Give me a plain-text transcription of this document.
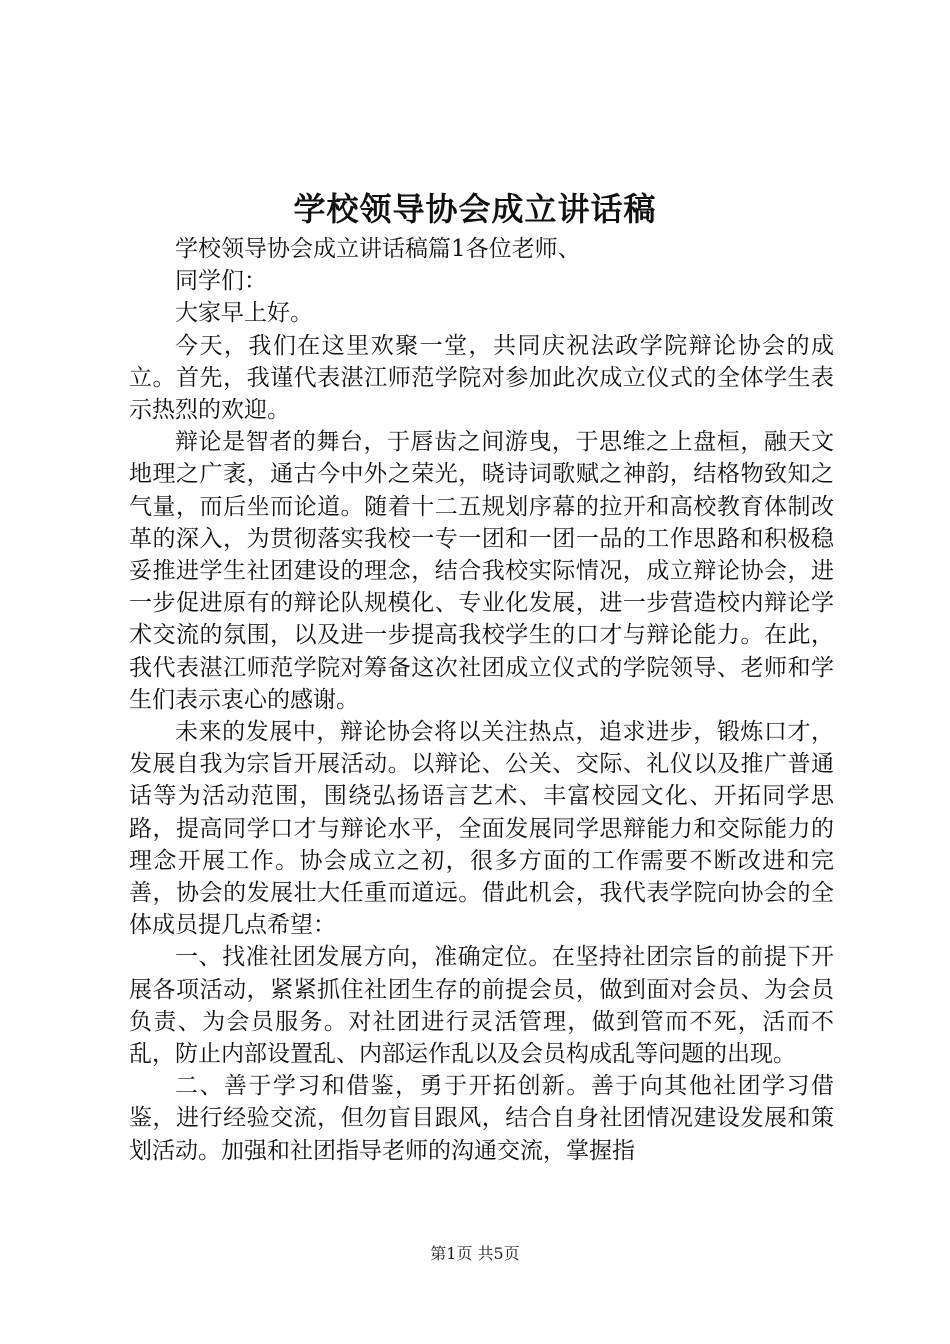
学校领导协会成立讲话稿

学校领导协会成立讲话稿篇1各位老师、

同学们：

大家早上好。

今天，我们在这里欢聚一堂，共同庆祝法政学院辩论协会的成立。首先，我谨代表湛江师范学院对参加此次成立仪式的全体学生表示热烈的欢迎。

辩论是智者的舞台，于唇齿之间游曳，于思维之上盘桓，融天文地理之广袤，通古今中外之荣光，晓诗词歌赋之神韵，结格物致知之气量，而后坐而论道。随着十二五规划序幕的拉开和高校教育体制改革的深入，为贯彻落实我校一专一团和一团一品的工作思路和积极稳妥推进学生社团建设的理念，结合我校实际情况，成立辩论协会，进一步促进原有的辩论队规模化、专业化发展，进一步营造校内辩论学术交流的氛围，以及进一步提高我校学生的口才与辩论能力。在此，我代表湛江师范学院对筹备这次社团成立仪式的学院领导、老师和学生们表示衷心的感谢。

未来的发展中，辩论协会将以关注热点，追求进步，锻炼口才，发展自我为宗旨开展活动。以辩论、公关、交际、礼仪以及推广普通话等为活动范围，围绕弘扬语言艺术、丰富校园文化、开拓同学思路，提高同学口才与辩论水平，全面发展同学思辩能力和交际能力的理念开展工作。协会成立之初，很多方面的工作需要不断改进和完善，协会的发展壮大任重而道远。借此机会，我代表学院向协会的全体成员提几点希望：

一、找准社团发展方向，准确定位。在坚持社团宗旨的前提下开展各项活动，紧紧抓住社团生存的前提会员，做到面对会员、为会员负责、为会员服务。对社团进行灵活管理，做到管而不死，活而不乱，防止内部设置乱、内部运作乱以及会员构成乱等问题的出现。

二、善于学习和借鉴，勇于开拓创新。善于向其他社团学习借鉴，进行经验交流，但勿盲目跟风，结合自身社团情况建设发展和策划活动。加强和社团指导老师的沟通交流，掌握指

第1页 共5页
